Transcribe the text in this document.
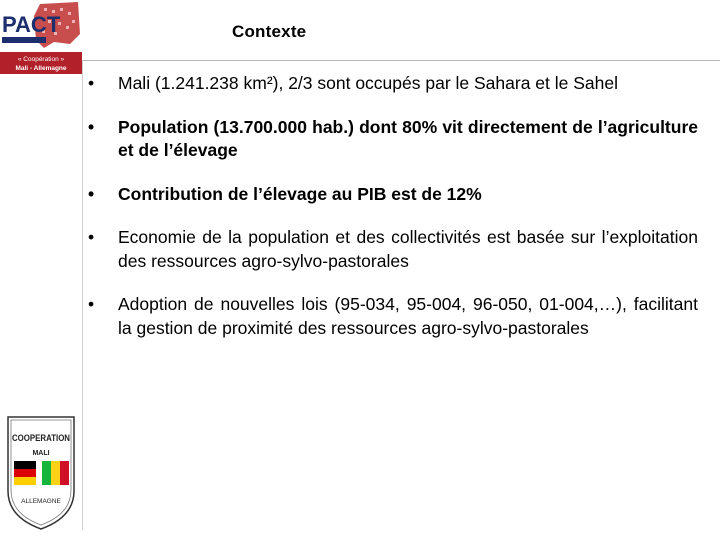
PACT
« Coopération »
Mali - Allemagne
Contexte
•	Mali (1.241.238 km²), 2/3 sont occupés par le Sahara et le Sahel
•	Population (13.700.000 hab.) dont 80% vit directement de l’agriculture et de l’élevage
•	Contribution de l’élevage au PIB est de 12%
•	Economie de la population et des collectivités est basée sur l’exploitation des ressources agro-sylvo-pastorales
•	Adoption de nouvelles lois (95-034, 95-004, 96-050, 01-004,…), facilitant la gestion de proximité des ressources agro-sylvo-pastorales
COOPERATION
MALI
ALLEMAGNE
